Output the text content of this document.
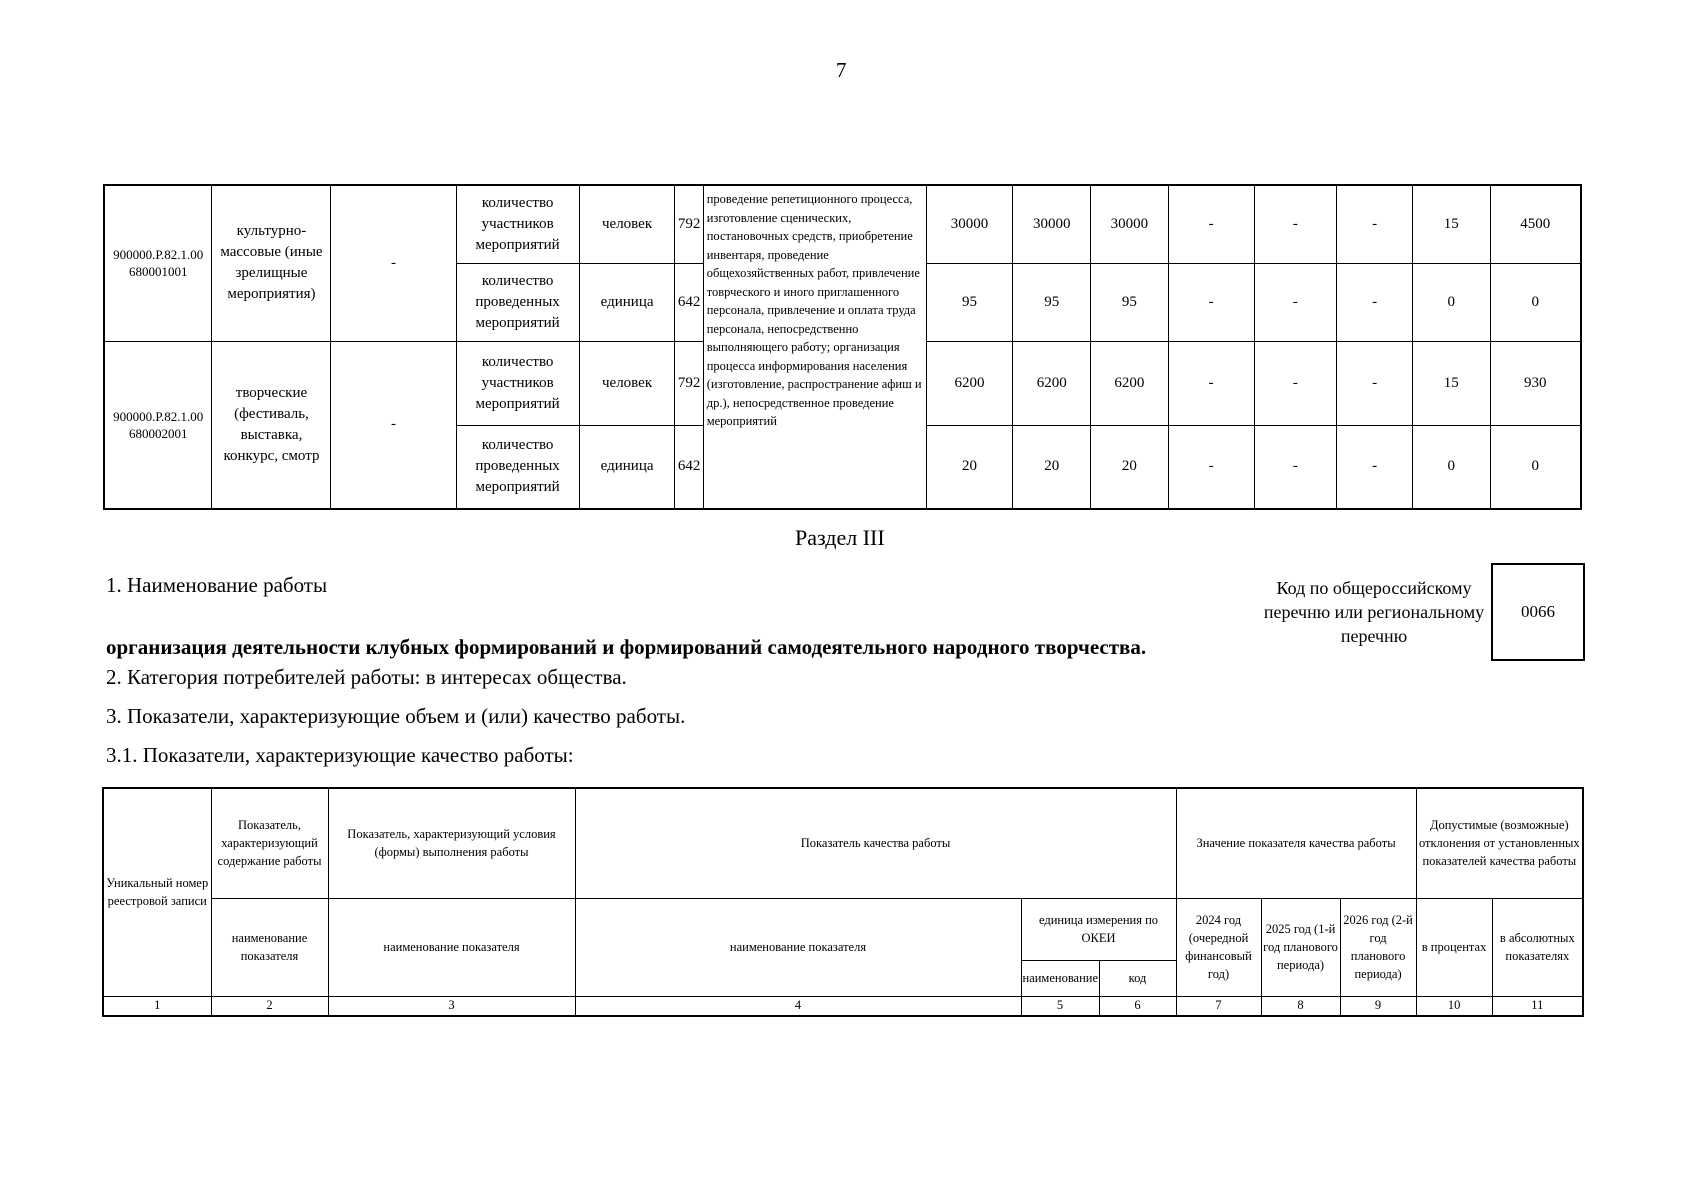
7
900000.Р.82.1.00 680001001	культурно-массовые (иные зрелищные мероприятия)	-	количество участников мероприятий	человек	792	проведение репетиционного процесса, изготовление сценических, постановочных средств, приобретение инвентаря, проведение общехозяйственных работ, привлечение товрческого и иного приглашенного персонала, привлечение и оплата труда персонала, непосредственно выполняющего работу; организация процесса информирования населения (изготовление, распространение афиш и др.), непосредственное проведение мероприятий	30000	30000	30000	-	-	-	15	4500
			количество проведенных мероприятий	единица	642		95	95	95	-	-	-	0	0
900000.Р.82.1.00 680002001	творческие (фестиваль, выставка, конкурс, смотр	-	количество участников мероприятий	человек	792		6200	6200	6200	-	-	-	15	930
			количество проведенных мероприятий	единица	642		20	20	20	-	-	-	0	0
Раздел III
1. Наименование работы	Код по общероссийскому перечню или региональному перечню
0066
организация деятельности клубных формирований и формирований самодеятельного народного творчества.
2. Категория потребителей работы: в интересах общества.
3. Показатели, характеризующие объем и (или) качество работы.
3.1. Показатели, характеризующие качество работы:
Уникальный номер реестровой записи	Показатель, характеризующий содержание работы	Показатель, характеризующий условия (формы) выполнения работы	Показатель качества работы			Значение показателя качества работы			Допустимые (возможные) отклонения от установленных показателей качества работы	
	наименование показателя	наименование показателя	наименование показателя	единица измерения по ОКЕИ		2024 год (очередной финансовый год)	2025 год (1-й год планового периода)	2026 год (2-й год планового периода)	в процентах	в абсолютных показателях
				наименование	код					
1	2	3	4	5	6	7	8	9	10	11
